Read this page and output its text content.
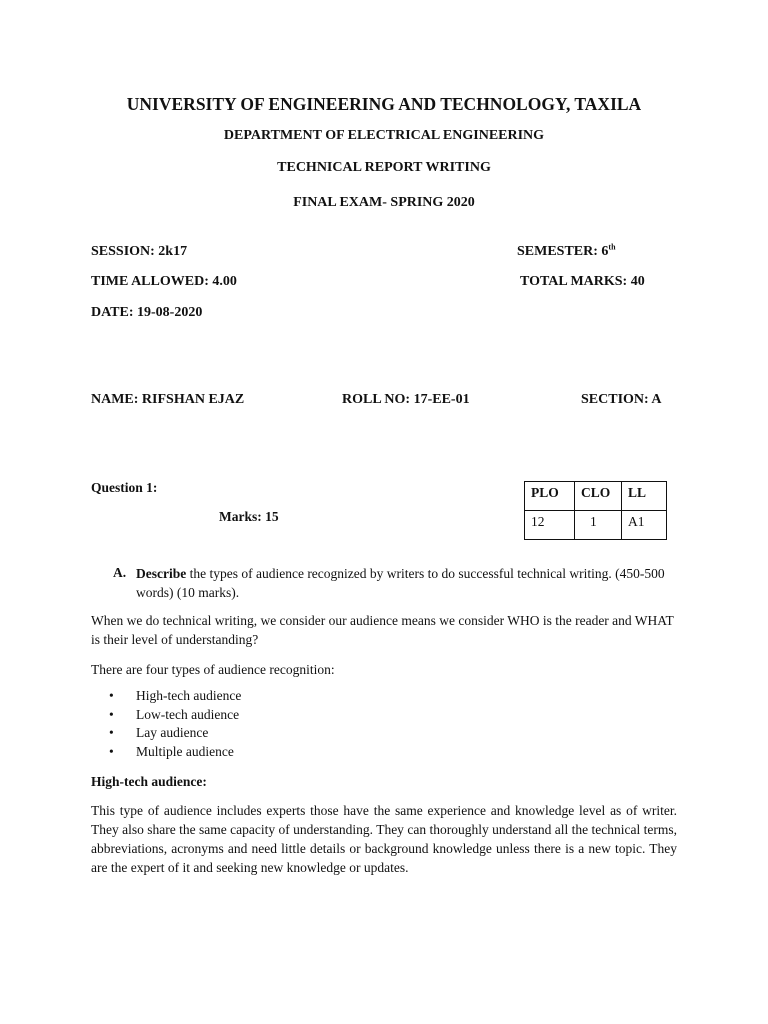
UNIVERSITY OF ENGINEERING AND TECHNOLOGY, TAXILA
DEPARTMENT OF ELECTRICAL ENGINEERING
TECHNICAL REPORT WRITING
FINAL EXAM- SPRING 2020
SESSION: 2k17	SEMESTER: 6th
TIME ALLOWED: 4.00	TOTAL MARKS: 40
DATE: 19-08-2020
NAME: RIFSHAN EJAZ	ROLL NO: 17-EE-01	SECTION: A
Question 1:
Marks: 15
PLO	CLO	LL
12	1	A1
A. Describe the types of audience recognized by writers to do successful technical writing. (450-500 words) (10 marks).
When we do technical writing, we consider our audience means we consider WHO is the reader and WHAT is their level of understanding?
There are four types of audience recognition:
• High-tech audience
• Low-tech audience
• Lay audience
• Multiple audience
High-tech audience:
This type of audience includes experts those have the same experience and knowledge level as of writer. They also share the same capacity of understanding. They can thoroughly understand all the technical terms, abbreviations, acronyms and need little details or background knowledge unless there is a new topic. They are the expert of it and seeking new knowledge or updates.
